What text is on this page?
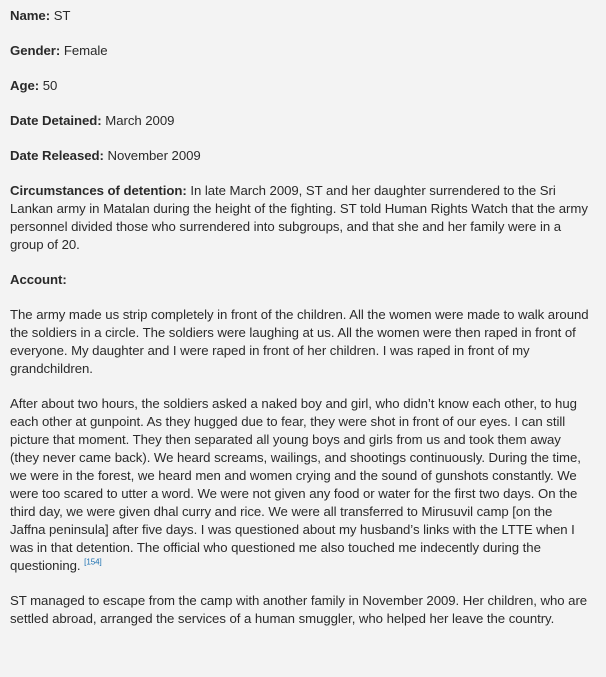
Name: ST

Gender: Female

Age: 50

Date Detained: March 2009

Date Released: November 2009

Circumstances of detention: In late March 2009, ST and her daughter surrendered to the Sri Lankan army in Matalan during the height of the fighting. ST told Human Rights Watch that the army personnel divided those who surrendered into subgroups, and that she and her family were in a group of 20.

Account:

The army made us strip completely in front of the children. All the women were made to walk around the soldiers in a circle. The soldiers were laughing at us. All the women were then raped in front of everyone. My daughter and I were raped in front of her children. I was raped in front of my grandchildren.

After about two hours, the soldiers asked a naked boy and girl, who didn’t know each other, to hug each other at gunpoint. As they hugged due to fear, they were shot in front of our eyes. I can still picture that moment. They then separated all young boys and girls from us and took them away (they never came back). We heard screams, wailings, and shootings continuously. During the time, we were in the forest, we heard men and women crying and the sound of gunshots constantly. We were too scared to utter a word. We were not given any food or water for the first two days. On the third day, we were given dhal curry and rice. We were all transferred to Mirusuvil camp [on the Jaffna peninsula] after five days. I was questioned about my husband’s links with the LTTE when I was in that detention. The official who questioned me also touched me indecently during the questioning. [154]

ST managed to escape from the camp with another family in November 2009. Her children, who are settled abroad, arranged the services of a human smuggler, who helped her leave the country.
